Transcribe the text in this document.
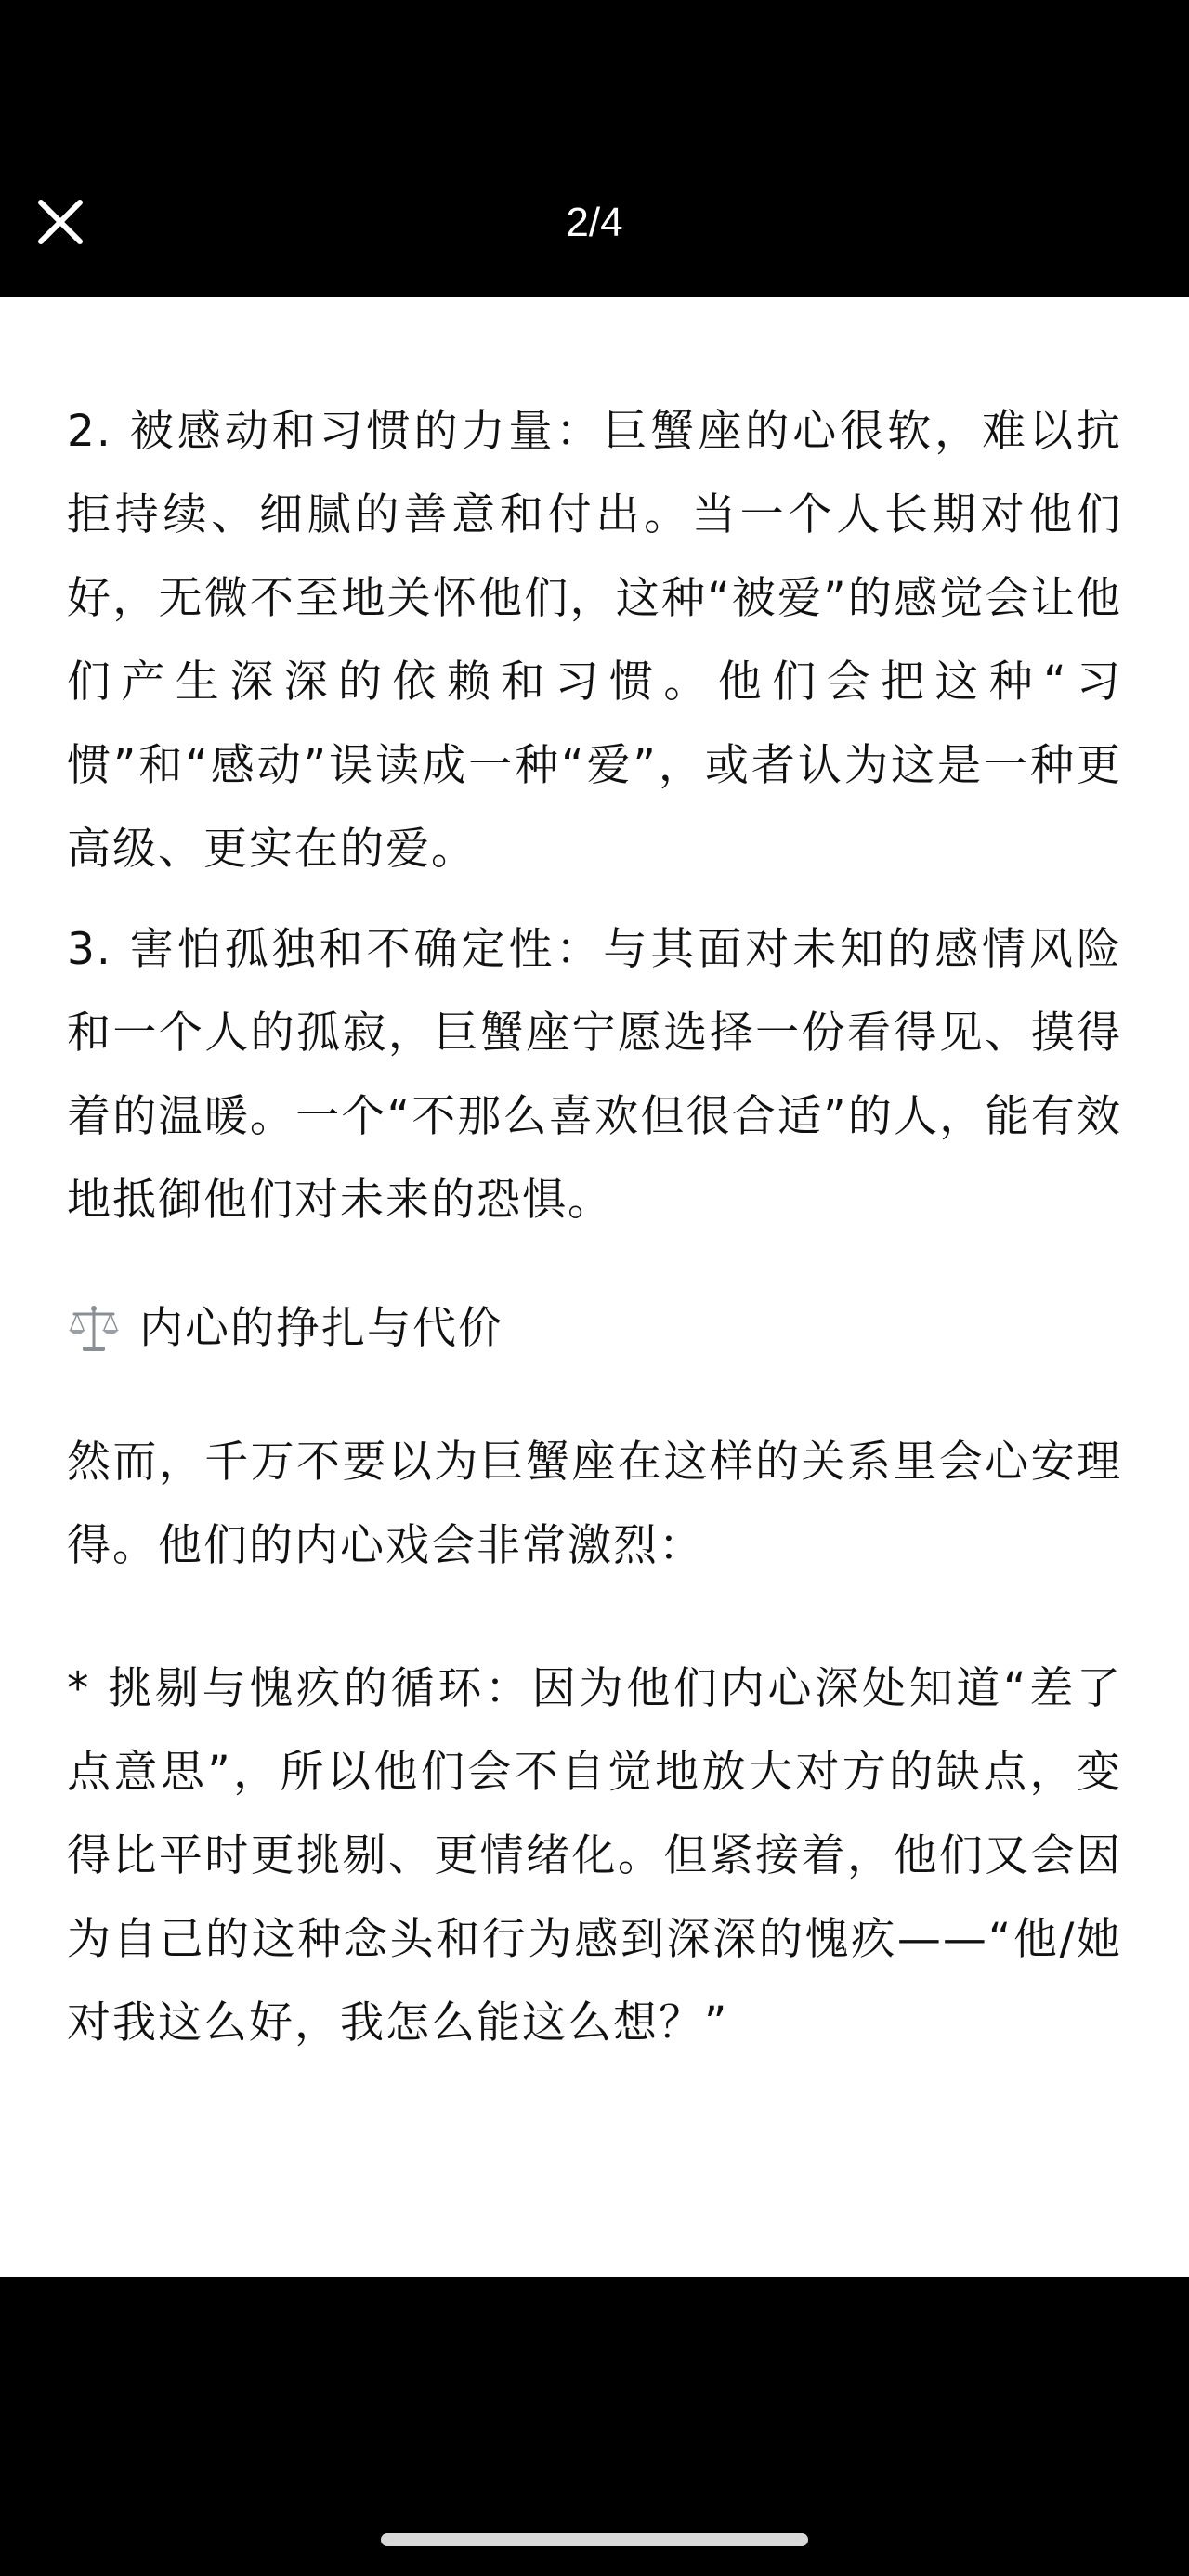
2/4

2. 被感动和习惯的力量：巨蟹座的心很软，难以抗拒持续、细腻的善意和付出。当一个人长期对他们好，无微不至地关怀他们，这种“被爱”的感觉会让他们产生深深的依赖和习惯。他们会把这种“习惯”和“感动”误读成一种“爱”，或者认为这是一种更高级、更实在的爱。

3. 害怕孤独和不确定性：与其面对未知的感情风险和一个人的孤寂，巨蟹座宁愿选择一份看得见、摸得着的温暖。一个“不那么喜欢但很合适”的人，能有效地抵御他们对未来的恐惧。

内心的挣扎与代价

然而，千万不要以为巨蟹座在这样的关系里会心安理得。他们的内心戏会非常激烈：

* 挑剔与愧疚的循环：因为他们内心深处知道“差了点意思”，所以他们会不自觉地放大对方的缺点，变得比平时更挑剔、更情绪化。但紧接着，他们又会因为自己的这种念头和行为感到深深的愧疚——“他/她对我这么好，我怎么能这么想？”
